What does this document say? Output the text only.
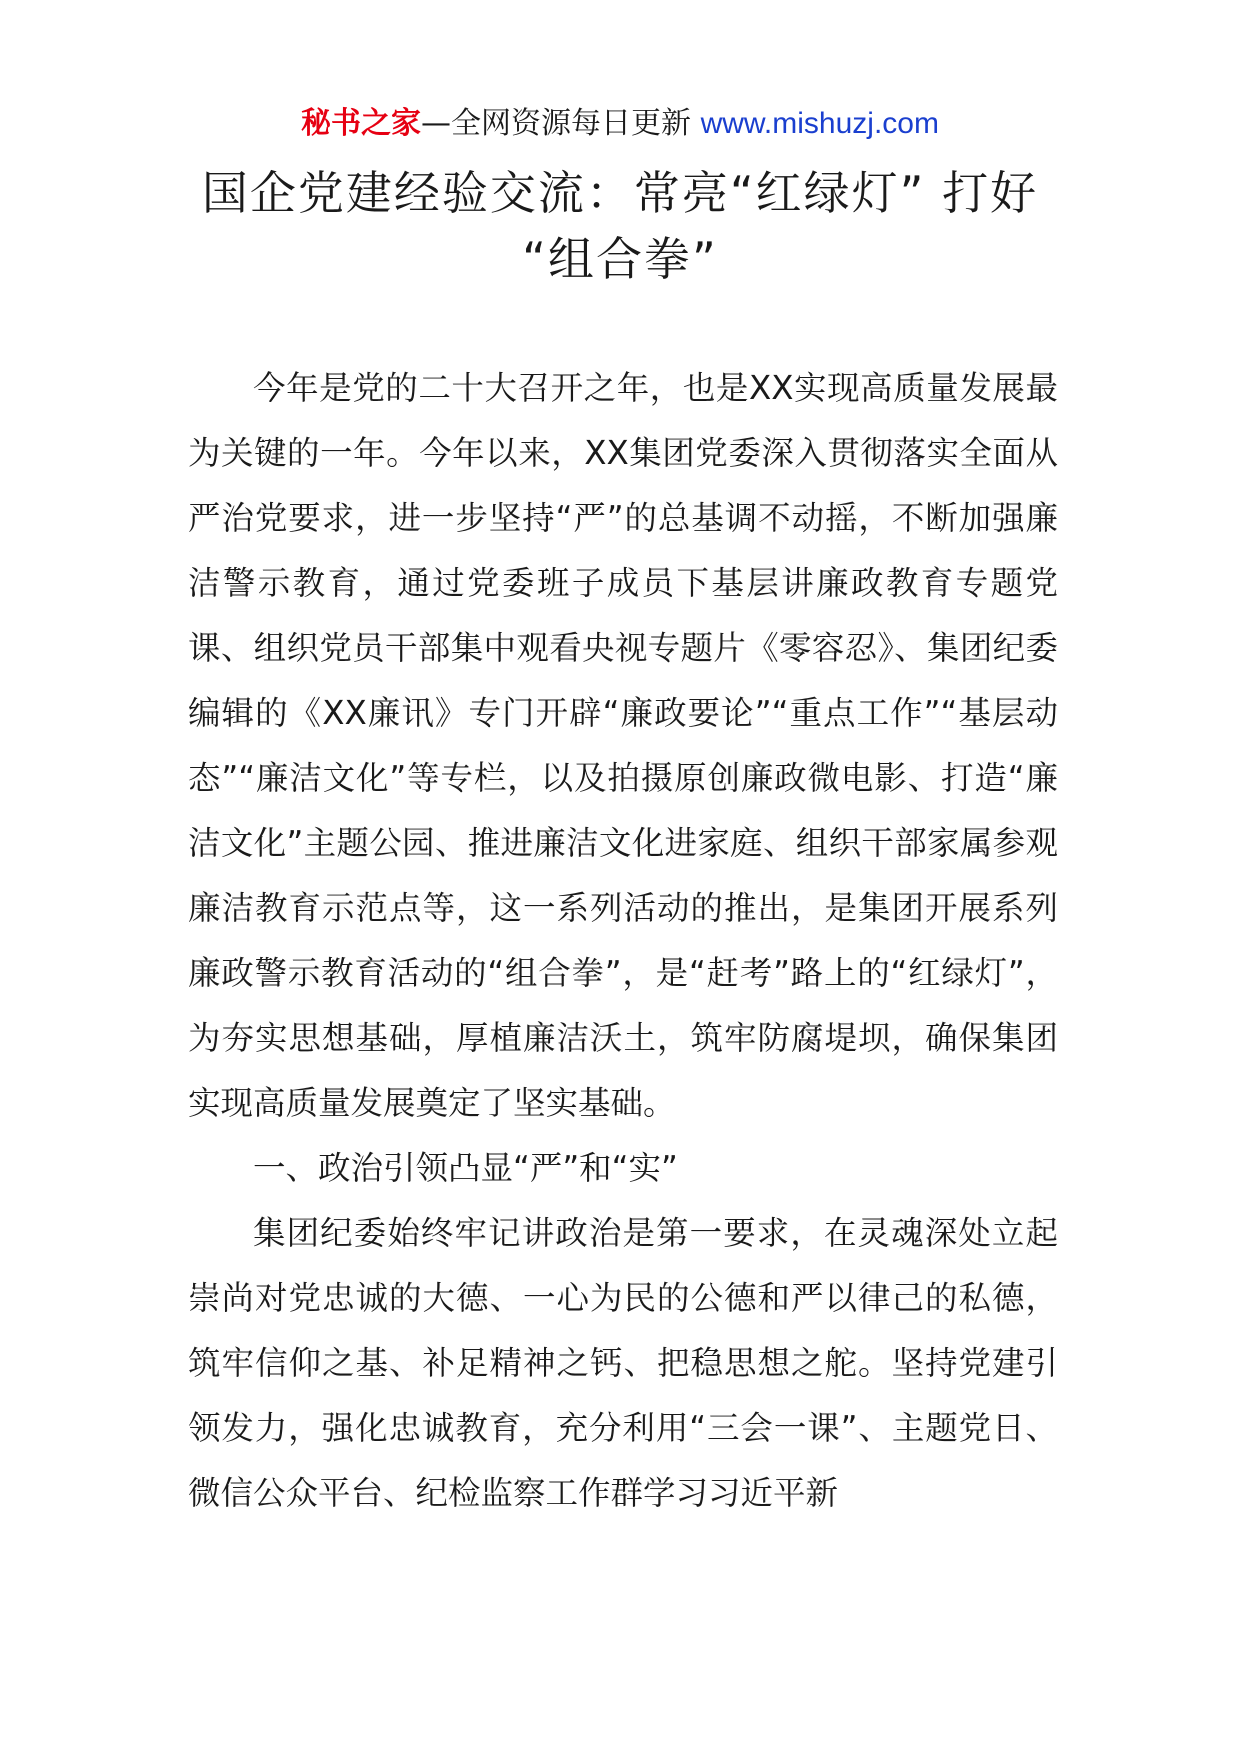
秘书之家—全网资源每日更新 www.mishuzj.com
国企党建经验交流：常亮“红绿灯” 打好
“组合拳”

今年是党的二十大召开之年，也是XX实现高质量发展最为关键的一年。今年以来，XX集团党委深入贯彻落实全面从严治党要求，进一步坚持“严”的总基调不动摇，不断加强廉洁警示教育，通过党委班子成员下基层讲廉政教育专题党课、组织党员干部集中观看央视专题片《零容忍》、集团纪委编辑的《XX廉讯》专门开辟“廉政要论”“重点工作”“基层动态”“廉洁文化”等专栏，以及拍摄原创廉政微电影、打造“廉洁文化”主题公园、推进廉洁文化进家庭、组织干部家属参观廉洁教育示范点等，这一系列活动的推出，是集团开展系列廉政警示教育活动的“组合拳”，是“赶考”路上的“红绿灯”，为夯实思想基础，厚植廉洁沃土，筑牢防腐堤坝，确保集团实现高质量发展奠定了坚实基础。

一、政治引领凸显“严”和“实”

集团纪委始终牢记讲政治是第一要求，在灵魂深处立起崇尚对党忠诚的大德、一心为民的公德和严以律己的私德，筑牢信仰之基、补足精神之钙、把稳思想之舵。坚持党建引领发力，强化忠诚教育，充分利用“三会一课”、主题党日、微信公众平台、纪检监察工作群学习习近平新
